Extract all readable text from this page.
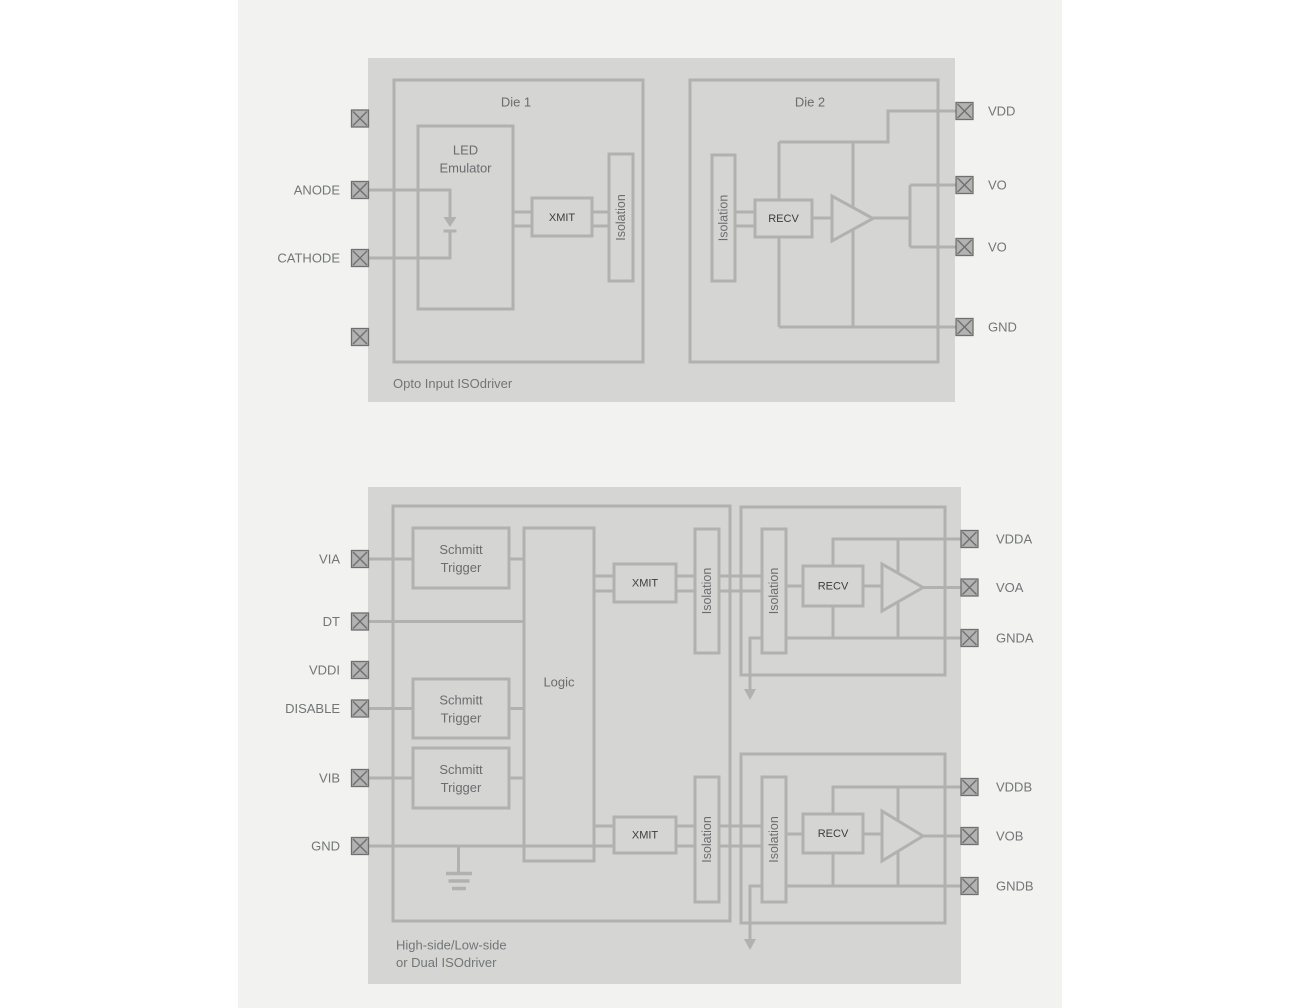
Die 1	Die 2
LED
Emulator
XMIT	Isolation	Isolation	RECV
Opto Input ISOdriver
ANODE
CATHODE
VDD
VO
VO
GND
Schmitt
Trigger
Schmitt
Trigger
Schmitt
Trigger
Logic
XMIT
XMIT
Isolation	Isolation
Isolation	Isolation
RECV
RECV
High-side/Low-side
or Dual ISOdriver
VIA
DT
VDDI
DISABLE
VIB
GND
VDDA
VOA
GNDA
VDDB
VOB
GNDB
